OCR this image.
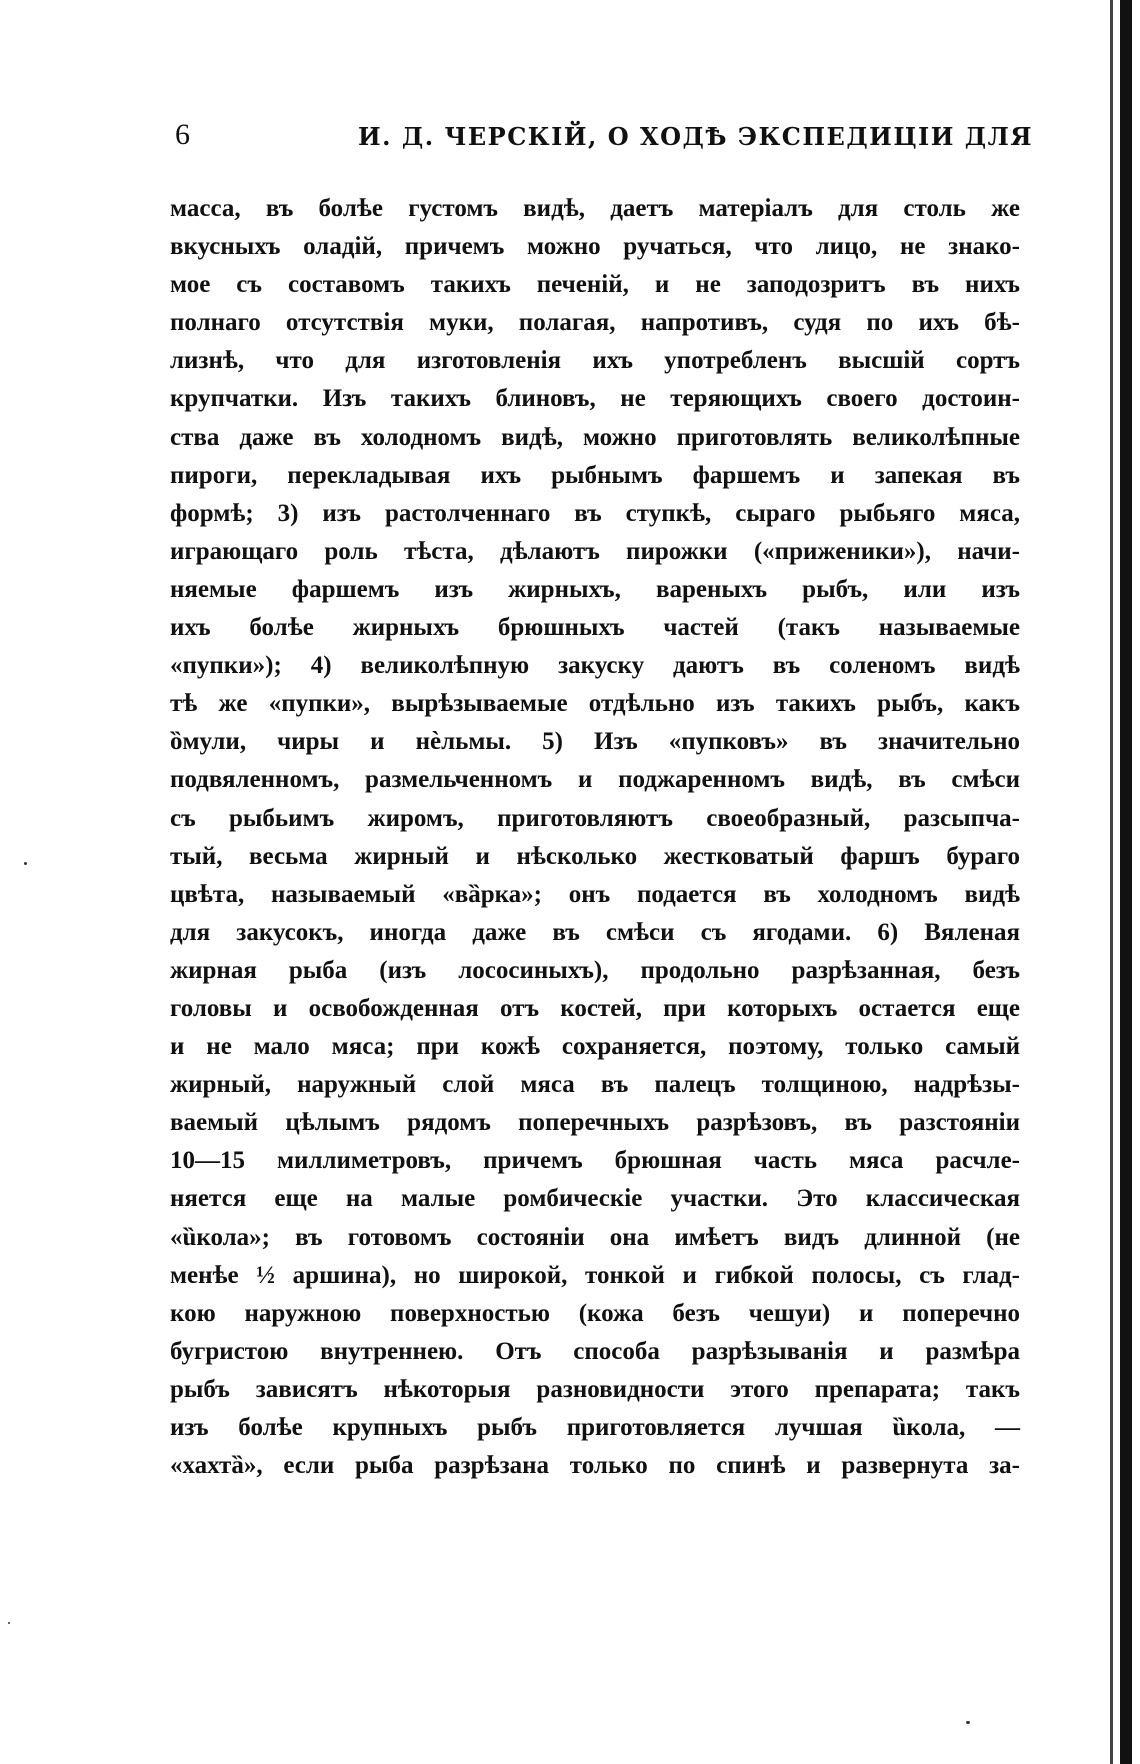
6	И. Д. ЧЕРСКІЙ, О ХОДѢ ЭКСПЕДИЦІИ ДЛЯ
масса, въ болѣе густомъ видѣ, даетъ матеріалъ для столь же
вкусныхъ оладій, причемъ можно ручаться, что лицо, не знако-
мое съ составомъ такихъ печеній, и не заподозритъ въ нихъ
полнаго отсутствія муки, полагая, напротивъ, судя по ихъ бѣ-
лизнѣ, что для изготовленія ихъ употребленъ высшій сортъ
крупчатки. Изъ такихъ блиновъ, не теряющихъ своего достоин-
ства даже въ холодномъ видѣ, можно приготовлять великолѣпные
пироги, перекладывая ихъ рыбнымъ фаршемъ и запекая въ
формѣ; 3) изъ растолченнаго въ ступкѣ, сыраго рыбьяго мяса,
играющаго роль тѣста, дѣлаютъ пирожки («приженики»), начи-
няемые фаршемъ изъ жирныхъ, вареныхъ рыбъ, или изъ
ихъ болѣе жирныхъ брюшныхъ частей (такъ называемые
«пупки»); 4) великолѣпную закуску даютъ въ соленомъ видѣ
тѣ же «пупки», вырѣзываемые отдѣльно изъ такихъ рыбъ, какъ
ȍмули, чиры и нѐльмы. 5) Изъ «пупковъ» въ значительно
подвяленномъ, размельченномъ и поджаренномъ видѣ, въ смѣси
съ рыбьимъ жиромъ, приготовляютъ своеобразный, разсыпча-
тый, весьма жирный и нѣсколько жестковатый фаршъ бураго
цвѣта, называемый «вȁрка»; онъ подается въ холодномъ видѣ
для закусокъ, иногда даже въ смѣси съ ягодами. 6) Вяленая
жирная рыба (изъ лососиныхъ), продольно разрѣзанная, безъ
головы и освобожденная отъ костей, при которыхъ остается еще
и не мало мяса; при кожѣ сохраняется, поэтому, только самый
жирный, наружный слой мяса въ палецъ толщиною, надрѣзы-
ваемый цѣлымъ рядомъ поперечныхъ разрѣзовъ, въ разстояніи
10—15 миллиметровъ, причемъ брюшная часть мяса расчле-
няется еще на малые ромбическіе участки. Это классическая
«ȕкола»; въ готовомъ состояніи она имѣетъ видъ длинной (не
менѣе ½ аршина), но широкой, тонкой и гибкой полосы, съ глад-
кою наружною поверхностью (кожа безъ чешуи) и поперечно
бугристою внутреннею. Отъ способа разрѣзыванія и размѣра
рыбъ зависятъ нѣкоторыя разновидности этого препарата; такъ
изъ болѣе крупныхъ рыбъ приготовляется лучшая ȕкола, —
«хахтȁ», если рыба разрѣзана только по спинѣ и развернута за-
